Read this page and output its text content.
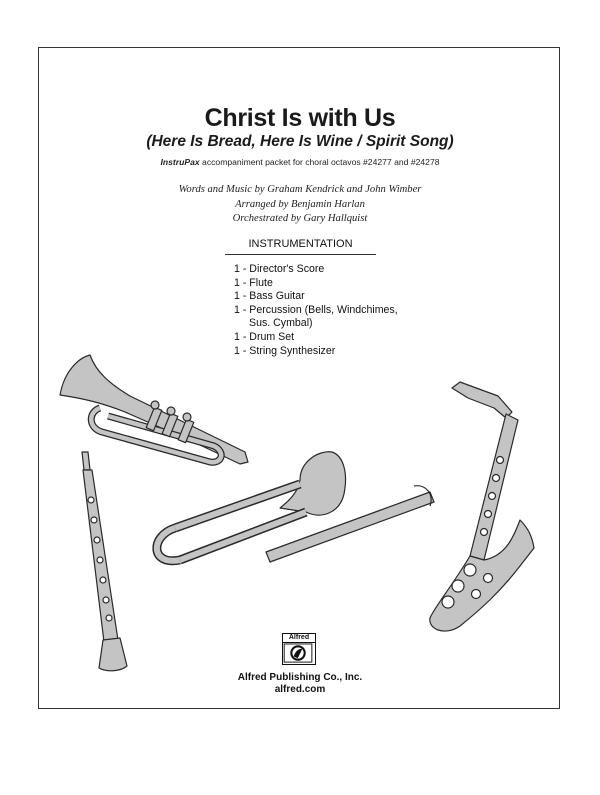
Christ Is with Us
(Here Is Bread, Here Is Wine / Spirit Song)
InstruPax accompaniment packet for choral octavos #24277 and #24278
Words and Music by Graham Kendrick and John Wimber
Arranged by Benjamin Harlan
Orchestrated by Gary Hallquist
INSTRUMENTATION
1 - Director's Score
1 - Flute
1 - Bass Guitar
1 - Percussion (Bells, Windchimes,
Sus. Cymbal)
1 - Drum Set
1 - String Synthesizer
Alfred
Alfred Publishing Co., Inc.
alfred.com
